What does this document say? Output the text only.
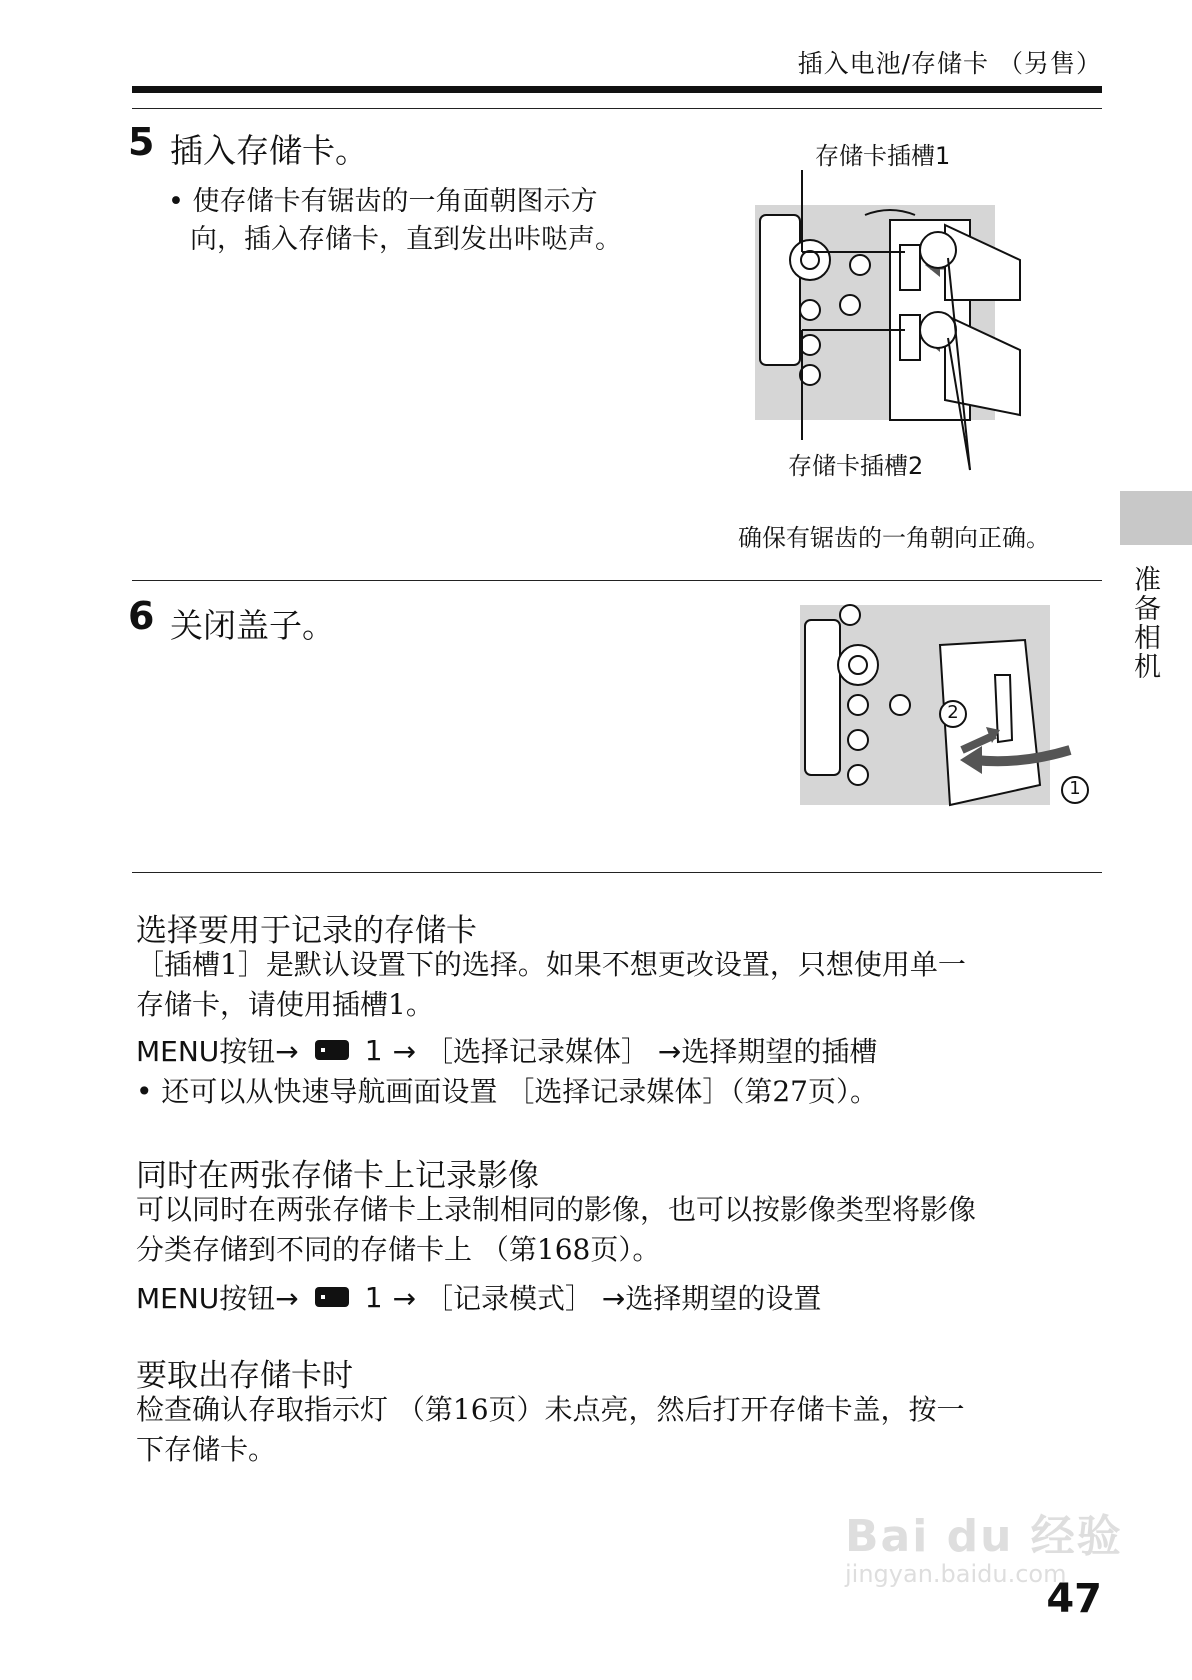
插入电池/存储卡 （另售）
5 插入存储卡。
• 使存储卡有锯齿的一角面朝图示方
向，插入存储卡，直到发出咔哒声。
存储卡插槽1
存储卡插槽2
确保有锯齿的一角朝向正确。
6 关闭盖子。
2
1
准备相机
选择要用于记录的存储卡
［插槽1］是默认设置下的选择。如果不想更改设置，只想使用单一
存储卡，请使用插槽1。
MENU按钮→ 1 → ［选择记录媒体］ →选择期望的插槽
• 还可以从快速导航画面设置 ［选择记录媒体］（第27页）。
同时在两张存储卡上记录影像
可以同时在两张存储卡上录制相同的影像，也可以按影像类型将影像
分类存储到不同的存储卡上 （第168页）。
MENU按钮→ 1 → ［记录模式］ →选择期望的设置
要取出存储卡时
检查确认存取指示灯 （第16页）未点亮，然后打开存储卡盖，按一
下存储卡。
47
Bai du 经验
jingyan.baidu.com
